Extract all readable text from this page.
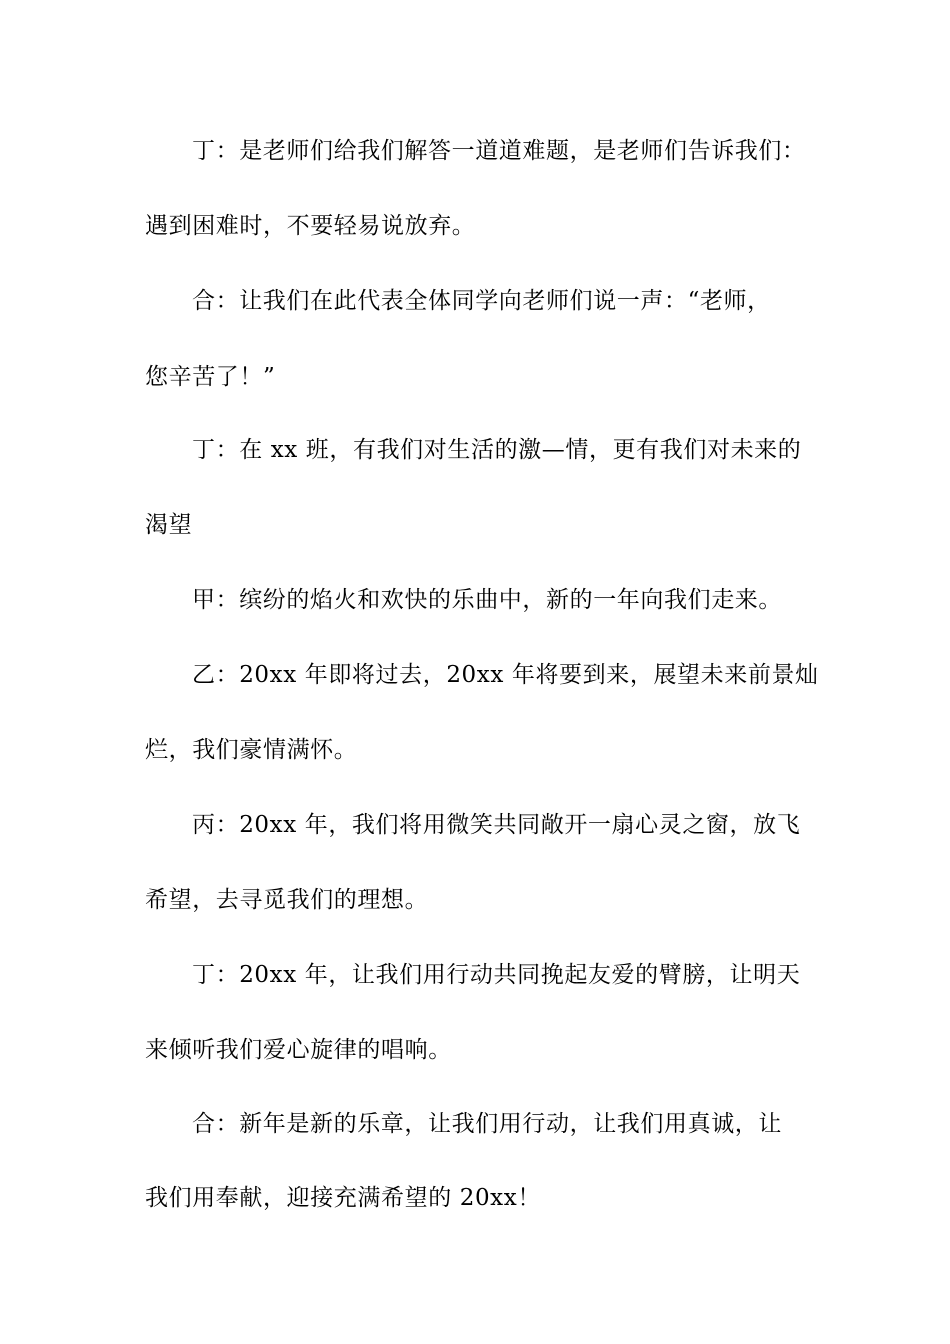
丁：是老师们给我们解答一道道难题，是老师们告诉我们：
遇到困难时，不要轻易说放弃。
合：让我们在此代表全体同学向老师们说一声：“老师，
您辛苦了！”
丁：在 xx 班，有我们对生活的激—情，更有我们对未来的
渴望
甲：缤纷的焰火和欢快的乐曲中，新的一年向我们走来。
乙：20xx 年即将过去，20xx 年将要到来，展望未来前景灿
烂，我们豪情满怀。
丙：20xx 年，我们将用微笑共同敞开一扇心灵之窗，放飞
希望，去寻觅我们的理想。
丁：20xx 年，让我们用行动共同挽起友爱的臂膀，让明天
来倾听我们爱心旋律的唱响。
合：新年是新的乐章，让我们用行动，让我们用真诚，让
我们用奉献，迎接充满希望的 20xx！
